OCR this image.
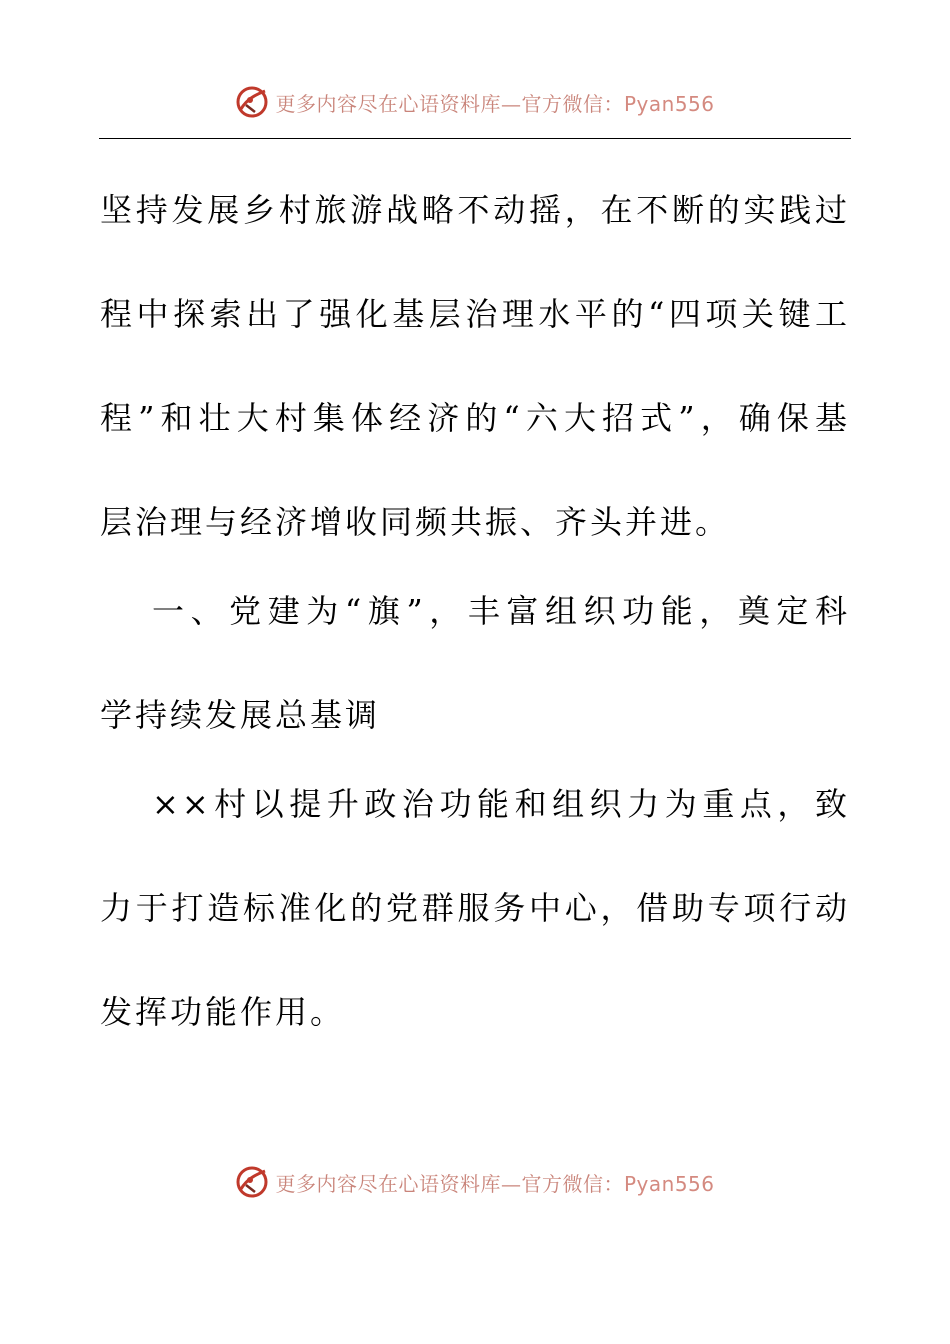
更多内容尽在心语资料库—官方微信：Pyan556
坚持发展乡村旅游战略不动摇，在不断的实践过
程中探索出了强化基层治理水平的“四项关键工
程”和壮大村集体经济的“六大招式”，确保基
层治理与经济增收同频共振、齐头并进。
一、党建为“旗”，丰富组织功能，奠定科
学持续发展总基调
××村以提升政治功能和组织力为重点，致
力于打造标准化的党群服务中心，借助专项行动
发挥功能作用。
更多内容尽在心语资料库—官方微信：Pyan556
